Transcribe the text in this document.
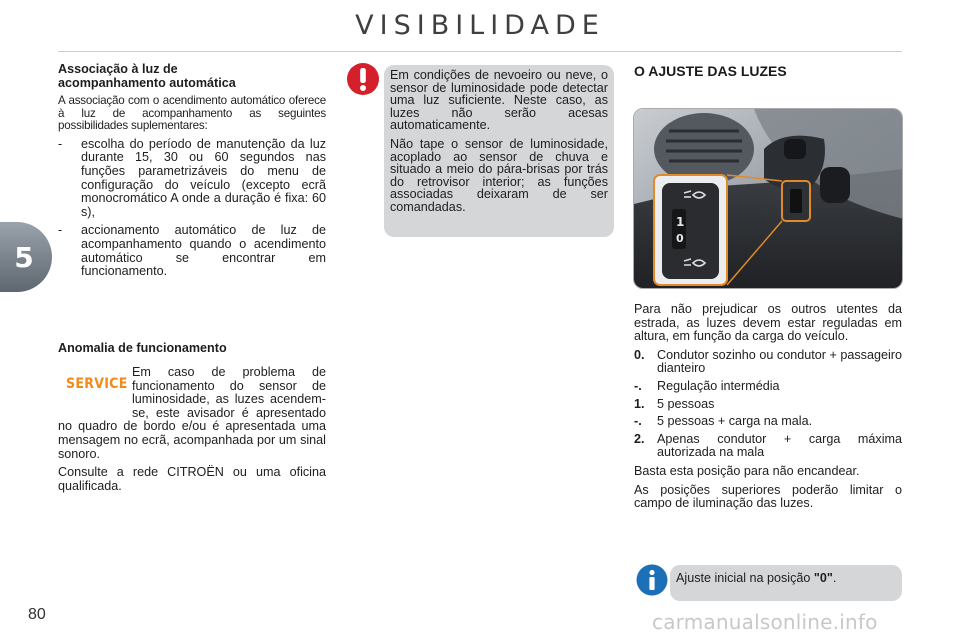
VISIBILIDADE
5
Associação à luz de
acompanhamento automática
A associação com o acendimento automático oferece à luz de acompanhamento as seguintes possibilidades suplementares:
- escolha do período de manutenção da luz durante 15, 30 ou 60 segundos nas funções parametrizáveis do menu de configuração do veículo (excepto ecrã monocromático A onde a duração é fixa: 60 s),
- accionamento automático de luz de acompanhamento quando o acendimento automático se encontrar em funcionamento.
Anomalia de funcionamento
SERVICE
Em caso de problema de funcionamento do sensor de luminosidade, as luzes acendem-se, este avisador é apresentado no quadro de bordo e/ou é apresentada uma mensagem no ecrã, acompanhada por um sinal sonoro.
Consulte a rede CITROËN ou uma oficina qualificada.
Em condições de nevoeiro ou neve, o sensor de luminosidade pode detectar uma luz suficiente. Neste caso, as luzes não serão acesas automaticamente.
Não tape o sensor de luminosidade, acoplado ao sensor de chuva e situado a meio do pára-brisas por trás do retrovisor interior; as funções associadas deixaram de ser comandadas.
O AJUSTE DAS LUZES
1
0
Para não prejudicar os outros utentes da estrada, as luzes devem estar reguladas em altura, em função da carga do veículo.
0. Condutor sozinho ou condutor + passageiro dianteiro
-. Regulação intermédia
1. 5 pessoas
-. 5 pessoas + carga na mala.
2. Apenas condutor + carga máxima autorizada na mala
Basta esta posição para não encandear.
As posições superiores poderão limitar o campo de iluminação das luzes.
Ajuste inicial na posição "0".
80	carmanualsonline.info
